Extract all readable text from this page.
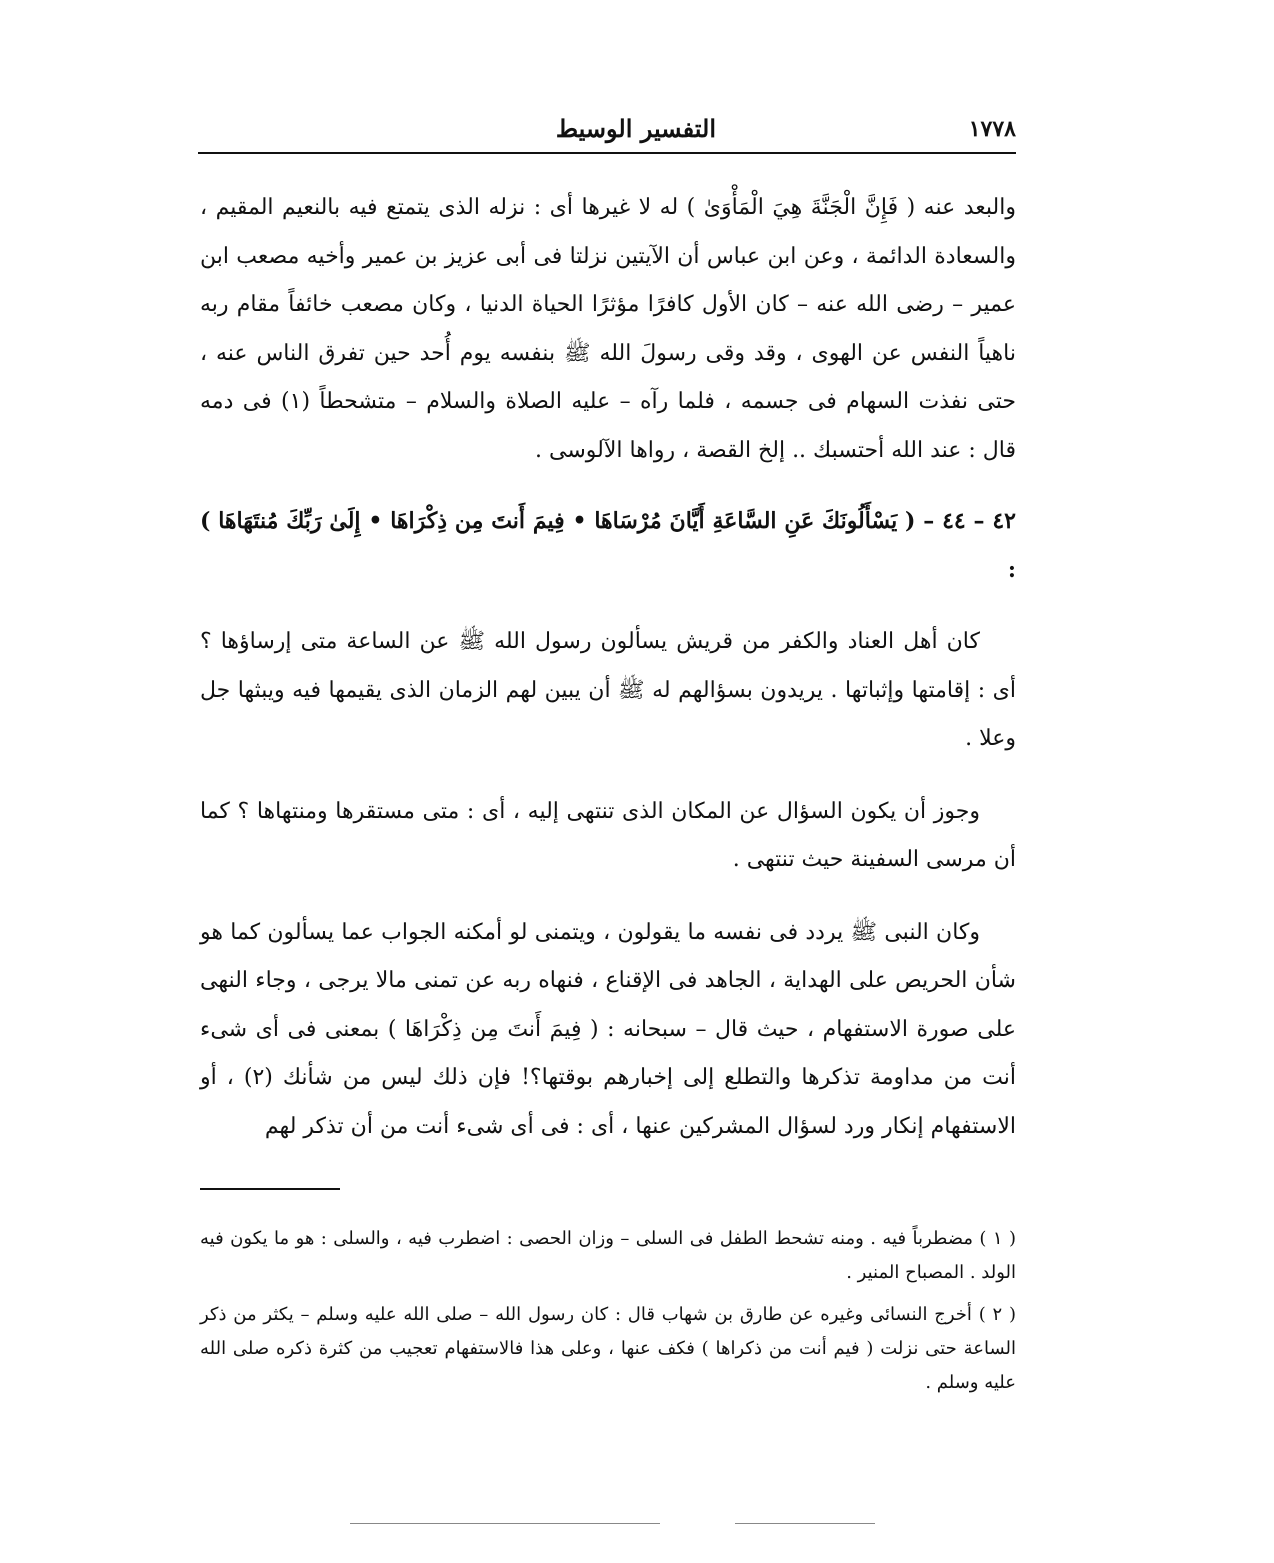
١٧٧٨
التفسير الوسيط

والبعد عنه ( فَإِنَّ الْجَنَّةَ هِيَ الْمَأْوَىٰ ) له لا غيرها أى : نزله الذى يتمتع فيه بالنعيم المقيم ، والسعادة الدائمة ، وعن ابن عباس أن الآيتين نزلتا فى أبى عزيز بن عمير وأخيه مصعب ابن عمير – رضى الله عنه – كان الأول كافرًا مؤثرًا الحياة الدنيا ، وكان مصعب خائفاً مقام ربه ناهياً النفس عن الهوى ، وقد وقى رسولَ الله ﷺ بنفسه يوم أُحد حين تفرق الناس عنه ، حتى نفذت السهام فى جسمه ، فلما رآه – عليه الصلاة والسلام – متشحطاً (١) فى دمه قال : عند الله أحتسبك .. إلخ القصة ، رواها الآلوسى .

٤٢ – ٤٤ – ( يَسْأَلُونَكَ عَنِ السَّاعَةِ أَيَّانَ مُرْسَاهَا • فِيمَ أَنتَ مِن ذِكْرَاهَا • إِلَىٰ رَبِّكَ مُنتَهَاهَا ) :

كان أهل العناد والكفر من قريش يسألون رسول الله ﷺ عن الساعة متى إرساؤها ؟ أى : إقامتها وإثباتها . يريدون بسؤالهم له ﷺ أن يبين لهم الزمان الذى يقيمها فيه ويبثها جل وعلا .

وجوز أن يكون السؤال عن المكان الذى تنتهى إليه ، أى : متى مستقرها ومنتهاها ؟ كما أن مرسى السفينة حيث تنتهى .

وكان النبى ﷺ يردد فى نفسه ما يقولون ، ويتمنى لو أمكنه الجواب عما يسألون كما هو شأن الحريص على الهداية ، الجاهد فى الإقناع ، فنهاه ربه عن تمنى مالا يرجى ، وجاء النهى على صورة الاستفهام ، حيث قال – سبحانه : ( فِيمَ أَنتَ مِن ذِكْرَاهَا ) بمعنى فى أى شىء أنت من مداومة تذكرها والتطلع إلى إخبارهم بوقتها؟! فإن ذلك ليس من شأنك (٢) ، أو الاستفهام إنكار ورد لسؤال المشركين عنها ، أى : فى أى شىء أنت من أن تذكر لهم

( ١ ) مضطرباً فيه . ومنه تشحط الطفل فى السلى – وزان الحصى : اضطرب فيه ، والسلى : هو ما يكون فيه الولد . المصباح المنير .

( ٢ ) أخرج النسائى وغيره عن طارق بن شهاب قال : كان رسول الله – صلى الله عليه وسلم – يكثر من ذكر الساعة حتى نزلت ( فيم أنت من ذكراها ) فكف عنها ، وعلى هذا فالاستفهام تعجيب من كثرة ذكره صلى الله عليه وسلم .
